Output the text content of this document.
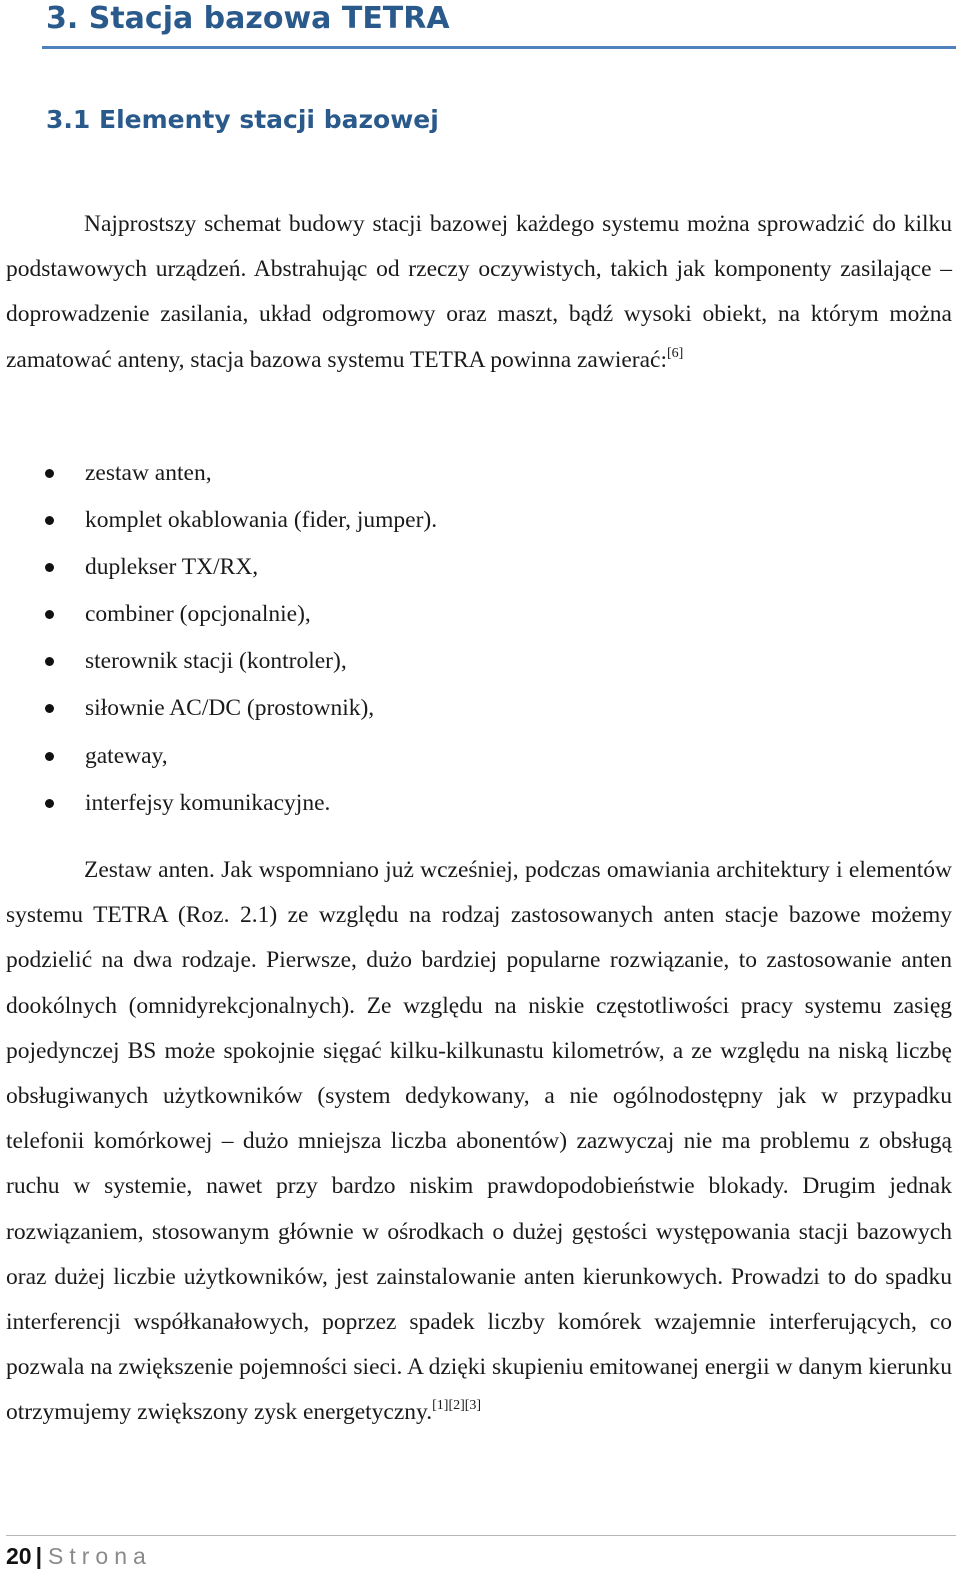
3. Stacja bazowa TETRA
3.1 Elementy stacji bazowej

Najprostszy schemat budowy stacji bazowej każdego systemu można sprowadzić do kilku podstawowych urządzeń. Abstrahując od rzeczy oczywistych, takich jak komponenty zasilające – doprowadzenie zasilania, układ odgromowy oraz maszt, bądź wysoki obiekt, na którym można zamatować anteny, stacja bazowa systemu TETRA powinna zawierać:[6]

zestaw anten,
komplet okablowania (fider, jumper).
duplekser TX/RX,
combiner (opcjonalnie),
sterownik stacji (kontroler),
siłownie AC/DC (prostownik),
gateway,
interfejsy komunikacyjne.

Zestaw anten. Jak wspomniano już wcześniej, podczas omawiania architektury i elementów systemu TETRA (Roz. 2.1) ze względu na rodzaj zastosowanych anten stacje bazowe możemy podzielić na dwa rodzaje. Pierwsze, dużo bardziej popularne rozwiązanie, to zastosowanie anten dookólnych (omnidyrekcjonalnych). Ze względu na niskie częstotliwości pracy systemu zasięg pojedynczej BS może spokojnie sięgać kilku-kilkunastu kilometrów, a ze względu na niską liczbę obsługiwanych użytkowników (system dedykowany, a nie ogólnodostępny jak w przypadku telefonii komórkowej – dużo mniejsza liczba abonentów) zazwyczaj nie ma problemu z obsługą ruchu w systemie, nawet przy bardzo niskim prawdopodobieństwie blokady. Drugim jednak rozwiązaniem, stosowanym głównie w ośrodkach o dużej gęstości występowania stacji bazowych oraz dużej liczbie użytkowników, jest zainstalowanie anten kierunkowych. Prowadzi to do spadku interferencji współkanałowych, poprzez spadek liczby komórek wzajemnie interferujących, co pozwala na zwiększenie pojemności sieci. A dzięki skupieniu emitowanej energii w danym kierunku otrzymujemy zwiększony zysk energetyczny.[1][2][3]

20 | Strona
